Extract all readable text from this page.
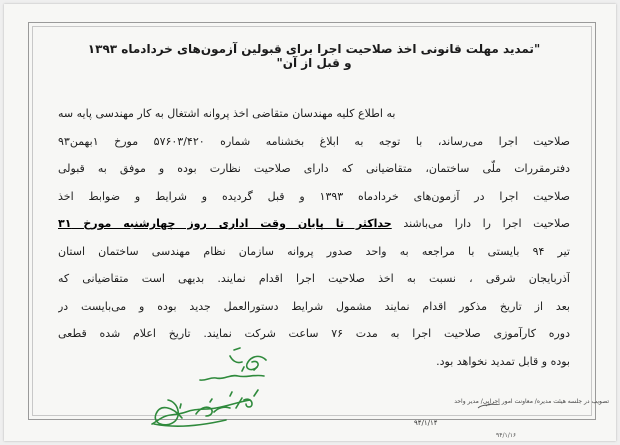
"تمدید مهلت قانونی اخذ صلاحیت اجرا برای قبولین آزمون‌های خردادماه ۱۳۹۳ و قبل از آن"
به اطلاع کلیه مهندسان متقاضی اخذ پروانه اشتغال به کار مهندسی پایه سه
صلاحیت اجرا می‌رساند، با توجه به ابلاغ بخشنامه شماره ۵۷۶۰۳/۴۲۰ مورخ ۱بهمن۹۳
دفترمقررات ملّی ساختمان، متقاضیانی که دارای صلاحیت نظارت بوده و موفق به قبولی
صلاحیت اجرا در آزمون‌های خردادماه ۱۳۹۳ و قبل گردیده و شرایط و ضوابط اخذ
صلاحیت اجرا را دارا می‌باشند حداکثر تا پایان وقت اداری روز چهارشنبه مورخ ۳۱
تیر ۹۴ بایستی با مراجعه به واحد صدور پروانه سازمان نظام مهندسی ساختمان استان
آذربایجان شرقی ، نسبت به اخذ صلاحیت اجرا اقدام نمایند. بدیهی است متقاضیانی که
بعد از تاریخ مذکور اقدام نمایند مشمول شرایط دستورالعمل جدید بوده و می‌بایست در
دوره کارآموزی صلاحیت اجرا به مدت ۷۶ ساعت شرکت نمایند. تاریخ اعلام شده قطعی
بوده و قابل تمدید نخواهد بود.
تصویب در جلسه هیئت مدیره/ معاونت امور اجرایی/ مدیر واحد
۹۴/۱/۱۴
۹۴/۱/۱۶
